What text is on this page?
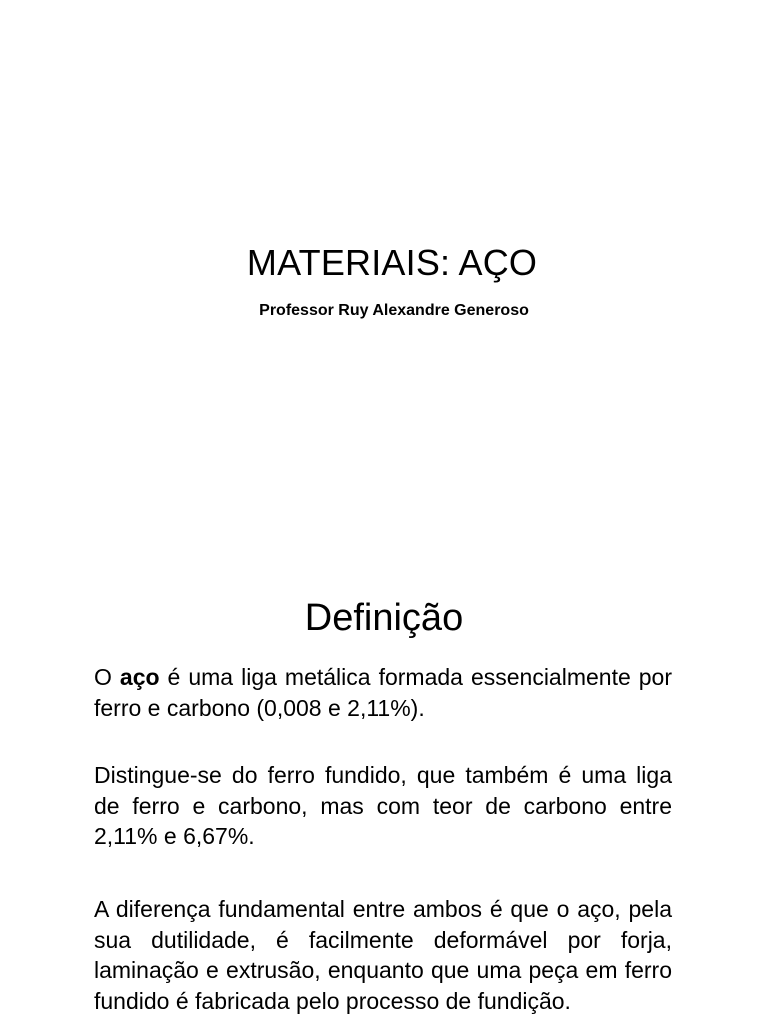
MATERIAIS: AÇO
Professor Ruy Alexandre Generoso
Definição

O aço é uma liga metálica formada essencialmente por ferro e carbono (0,008 e 2,11%).

Distingue-se do ferro fundido, que também é uma liga de ferro e carbono, mas com teor de carbono entre 2,11% e 6,67%.

A diferença fundamental entre ambos é que o aço, pela sua dutilidade, é facilmente deformável por forja, laminação e extrusão, enquanto que uma peça em ferro fundido é fabricada pelo processo de fundição.
